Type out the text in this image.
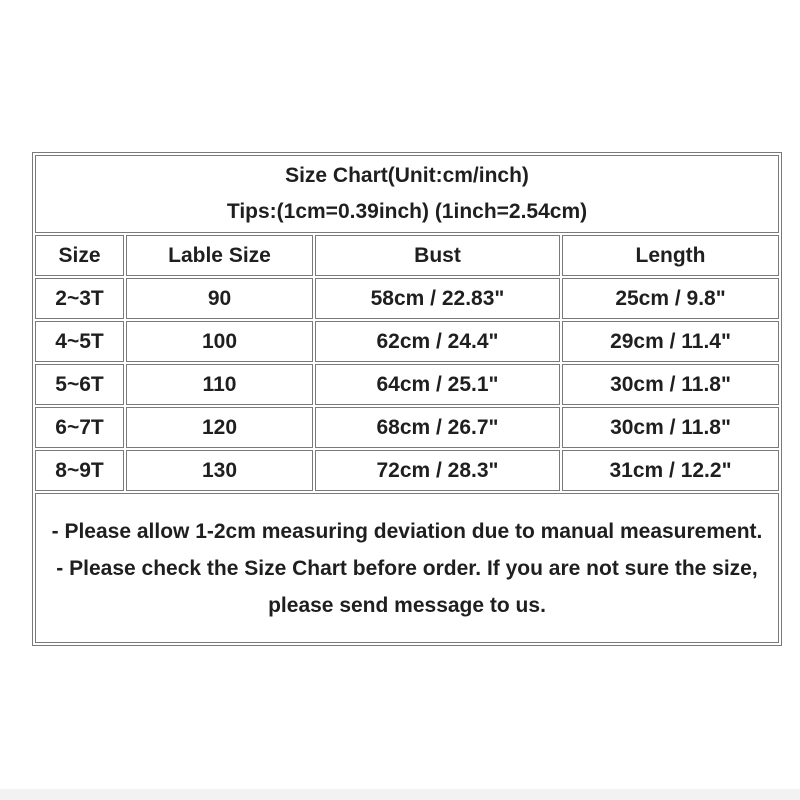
Size Chart(Unit:cm/inch)
Tips:(1cm=0.39inch) (1inch=2.54cm)			

Size	Lable Size	Bust	Length
2~3T	90	58cm / 22.83"	25cm / 9.8"
4~5T	100	62cm / 24.4"	29cm / 11.4"
5~6T	110	64cm / 25.1"	30cm / 11.8"
6~7T	120	68cm / 26.7"	30cm / 11.8"
8~9T	130	72cm / 28.3"	31cm / 12.2"

- Please allow 1-2cm measuring deviation due to manual measurement.
- Please check the Size Chart before order. If you are not sure the size, please send message to us.			
